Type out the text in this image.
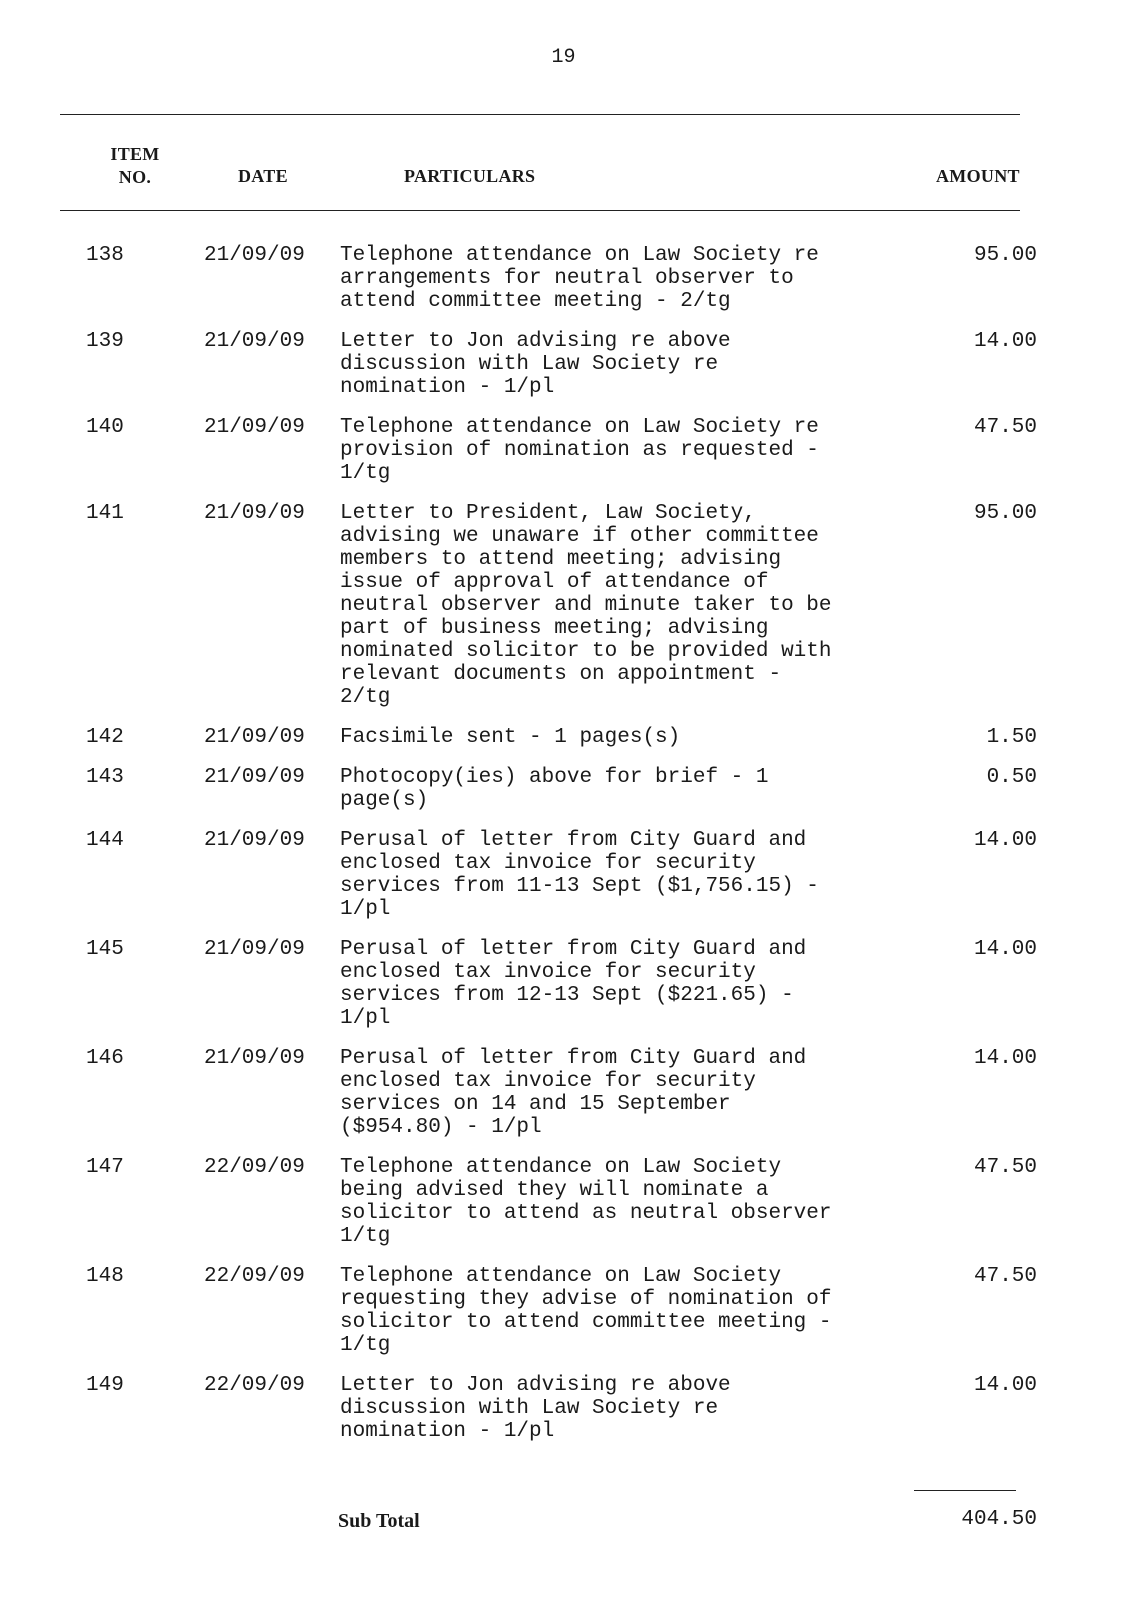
19
ITEM
NO.	DATE	PARTICULARS	AMOUNT
138	21/09/09 Telephone attendance on Law Society re
arrangements for neutral observer to
attend committee meeting - 2/tg
95.00
139	21/09/09 Letter to Jon advising re above
discussion with Law Society re
nomination - 1/pl
14.00
140	21/09/09 Telephone attendance on Law Society re
provision of nomination as requested -
1/tg
47.50
141	21/09/09 Letter to President, Law Society,
advising we unaware if other committee
members to attend meeting; advising
issue of approval of attendance of
neutral observer and minute taker to be
part of business meeting; advising
nominated solicitor to be provided with
relevant documents on appointment -
2/tg
95.00
142	21/09/09 Facsimile sent - 1 pages(s)	1.50
143	21/09/09 Photocopy(ies) above for brief - 1
page(s)
0.50
144	21/09/09 Perusal of letter from City Guard and
enclosed tax invoice for security
services from 11-13 Sept ($1,756.15) -
1/pl
14.00
145	21/09/09 Perusal of letter from City Guard and
enclosed tax invoice for security
services from 12-13 Sept ($221.65) -
1/pl
14.00
146	21/09/09 Perusal of letter from City Guard and
enclosed tax invoice for security
services on 14 and 15 September
($954.80) - 1/pl
14.00
147	22/09/09 Telephone attendance on Law Society
being advised they will nominate a
solicitor to attend as neutral observer
1/tg
47.50
148	22/09/09 Telephone attendance on Law Society
requesting they advise of nomination of
solicitor to attend committee meeting -
1/tg
47.50
149	22/09/09 Letter to Jon advising re above
discussion with Law Society re
nomination - 1/pl
14.00
Sub Total	404.50
